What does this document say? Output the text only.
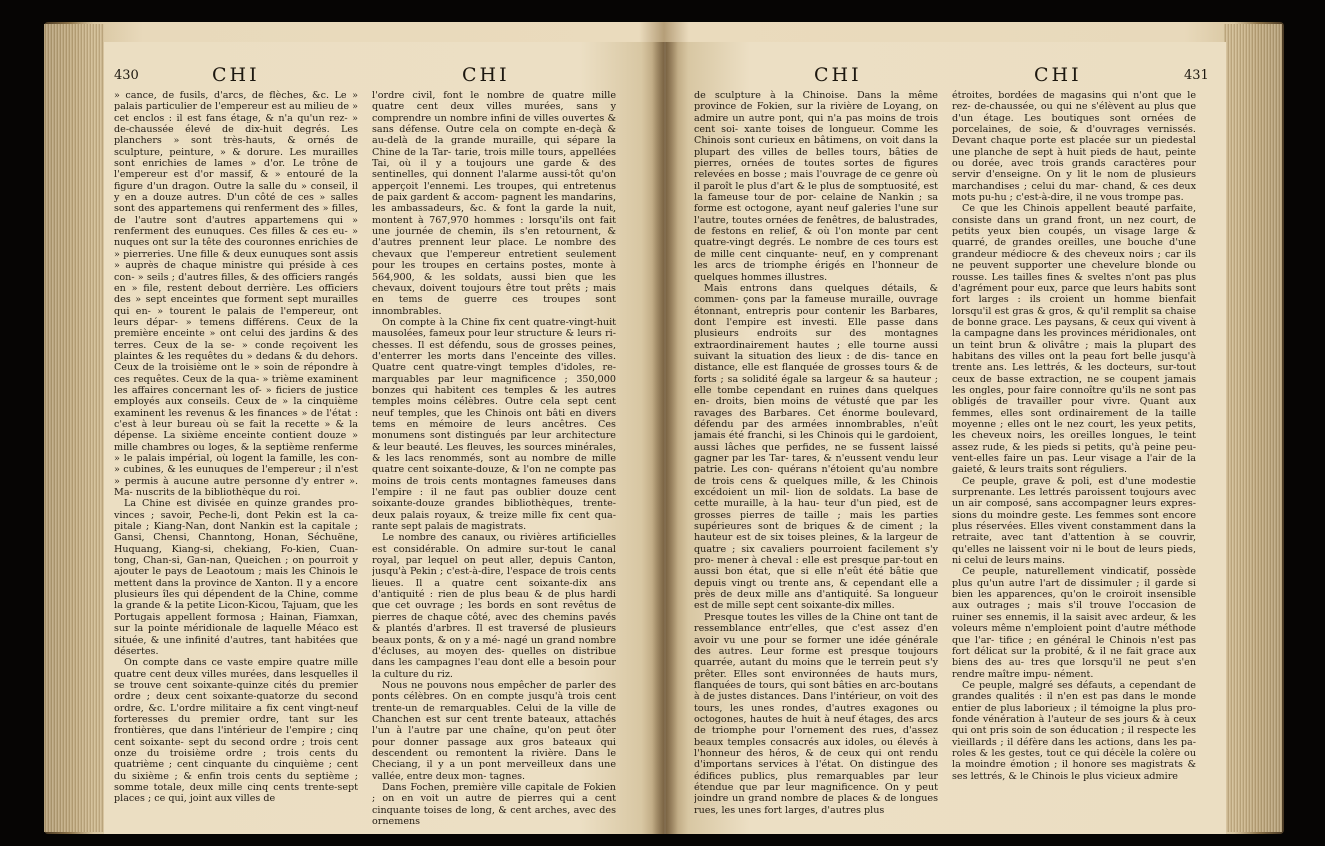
430	CHI	CHI

» cance, de fusils, d'arcs, de flèches, &c. Le » palais particulier de l'empereur est au milieu de » cet enclos : il est fans étage, & n'a qu'un rez- » de-chaussée élevé de dix-huit degrés. Les planchers » sont très-hauts, & ornés de sculpture, peinture, » & dorure. Les murailles sont enrichies de lames » d'or. Le trône de l'empereur est d'or massif, & » entouré de la figure d'un dragon. Outre la salle du » conseil, il y en a douze autres. D'un côté de ces » salles sont des appartemens qui renferment des » filles, de l'autre sont d'autres appartemens qui » renferment des eunuques. Ces filles & ces eu- » nuques ont sur la tête des couronnes enrichies de » pierreries. Une fille & deux eunuques sont assis » auprès de chaque ministre qui préside à ces con- » seils ; d'autres filles, & des officiers rangés en » file, restent debout derrière. Les officiers des » sept enceintes que forment sept murailles qui en- » tourent le palais de l'empereur, ont leurs dépar- » temens différens. Ceux de la première enceinte » ont celui des jardins & des terres. Ceux de la se- » conde reçoivent les plaintes & les requêtes du » dedans & du dehors. Ceux de la troisième ont le » soin de répondre à ces requêtes. Ceux de la qua- » trième examinent les affaires concernant les of- » ficiers de justice employés aux conseils. Ceux de » la cinquième examinent les revenus & les finances » de l'état : c'est à leur bureau où se fait la recette » & la dépense. La sixième enceinte contient douze » mille chambres ou loges, & la septième renferme » le palais impérial, où logent la famille, les con- » cubines, & les eunuques de l'empereur ; il n'est » permis à aucune autre personne d'y entrer ». Ma- nuscrits de la bibliothèque du roi.

La Chine est divisée en quinze grandes pro- vinces ; savoir, Peche-li, dont Pekin est la ca- pitale ; Kiang-Nan, dont Nankin est la capitale ; Gansi, Chensi, Channtong, Honan, Séchuëne, Huquang, Kiang-si, chekiang, Fo-kien, Cuan- tong, Chan-si, Gan-nan, Queichen ; on pourroit y ajouter le pays de Leaotoum ; mais les Chinois le mettent dans la province de Xanton. Il y a encore plusieurs îles qui dépendent de la Chine, comme la grande & la petite Licon-Kicou, Tajuam, que les Portugais appellent formosa ; Hainan, Fiamxan, sur la pointe méridionale de laquelle Méaco est située, & une infinité d'autres, tant habitées que désertes.

On compte dans ce vaste empire quatre mille quatre cent deux villes murées, dans lesquelles il se trouve cent soixante-quinze cités du premier ordre ; deux cent soixante-quatorze du second ordre, &c. L'ordre militaire a fix cent vingt-neuf forteresses du premier ordre, tant sur les frontières, que dans l'intérieur de l'empire ; cinq cent soixante- sept du second ordre ; trois cent onze du troisième ordre ; trois cents du quatrième ; cent cinquante du cinquième ; cent du sixième ; & enfin trois cents du septième ; somme totale, deux mille cinq cents trente-sept places ; ce qui, joint aux villes de

l'ordre civil, font le nombre de quatre mille quatre cent deux villes murées, sans y comprendre un nombre infini de villes ouvertes & sans défense. Outre cela on compte en-deçà & au-delà de la grande muraille, qui sépare la Chine de la Tar- tarie, trois mille tours, appellées Tai, où il y a toujours une garde & des sentinelles, qui donnent l'alarme aussi-tôt qu'on apperçoit l'ennemi. Les troupes, qui entretenus de paix gardent & accom- pagnent les mandarins, les ambassadeurs, &c. & font la garde la nuit, montent à 767,970 hommes : lorsqu'ils ont fait une journée de chemin, ils s'en retournent, & d'autres prennent leur place. Le nombre des chevaux que l'empereur entretient seulement pour les troupes en certains postes, monte à 564,900, & les soldats, aussi bien que les chevaux, doivent toujours être tout prêts ; mais en tems de guerre ces troupes sont innombrables.

On compte à la Chine fix cent quatre-vingt-huit mausolées, fameux pour leur structure & leurs ri- chesses. Il est défendu, sous de grosses peines, d'enterrer les morts dans l'enceinte des villes. Quatre cent quatre-vingt temples d'idoles, re- marquables par leur magnificence ; 350,000 bonzes qui habitent ces temples & les autres temples moins célèbres. Outre cela sept cent neuf temples, que les Chinois ont bâti en divers tems en mémoire de leurs ancêtres. Ces monumens sont distingués par leur architecture & leur beauté. Les fleuves, les sources minérales, & les lacs renommés, sont au nombre de mille quatre cent soixante-douze, & l'on ne compte pas moins de trois cents montagnes fameuses dans l'empire : il ne faut pas oublier douze cent soixante-douze grandes bibliothèques, trente- deux palais royaux, & treize mille fix cent qua- rante sept palais de magistrats.

Le nombre des canaux, ou rivières artificielles est considérable. On admire sur-tout le canal royal, par lequel on peut aller, depuis Canton, jusqu'à Pekin ; c'est-à-dire, l'espace de trois cents lieues. Il a quatre cent soixante-dix ans d'antiquité : rien de plus beau & de plus hardi que cet ouvrage ; les bords en sont revêtus de pierres de chaque côté, avec des chemins pavés & plantés d'arbres. Il est traversé de plusieurs beaux ponts, & on y a mé- nagé un grand nombre d'écluses, au moyen des- quelles on distribue dans les campagnes l'eau dont elle a besoin pour la culture du riz.

Nous ne pouvons nous empêcher de parler des ponts célèbres. On en compte jusqu'à trois cent trente-un de remarquables. Celui de la ville de Chanchen est sur cent trente bateaux, attachés l'un à l'autre par une chaîne, qu'on peut ôter pour donner passage aux gros bateaux qui descendent ou remontent la rivière. Dans le Checiang, il y a un pont merveilleux dans une vallée, entre deux mon- tagnes.

Dans Fochen, première ville capitale de Fokien ; on en voit un autre de pierres qui a cent cinquante toises de long, & cent arches, avec des ornemens

CHI	CHI	431

de sculpture à la Chinoise. Dans la même province de Fokien, sur la rivière de Loyang, on admire un autre pont, qui n'a pas moins de trois cent soi- xante toises de longueur. Comme les Chinois sont curieux en bâtimens, on voit dans la plupart des villes de belles tours, bâties de pierres, ornées de toutes sortes de figures relevées en bosse ; mais l'ouvrage de ce genre où il paroît le plus d'art & le plus de somptuosité, est la fameuse tour de por- celaine de Nankin ; sa forme est octogone, ayant neuf galeries l'une sur l'autre, toutes ornées de fenêtres, de balustrades, de festons en relief, & où l'on monte par cent quatre-vingt degrés. Le nombre de ces tours est de mille cent cinquante- neuf, en y comprenant les arcs de triomphe érigés en l'honneur de quelques hommes illustres.

Mais entrons dans quelques détails, & commen- çons par la fameuse muraille, ouvrage étonnant, entrepris pour contenir les Barbares, dont l'empire est investi. Elle passe dans plusieurs endroits sur des montagnes extraordinairement hautes ; elle tourne aussi suivant la situation des lieux : de dis- tance en distance, elle est flanquée de grosses tours & de forts ; sa solidité égale sa largeur & sa hauteur ; elle tombe cependant en ruines dans quelques en- droits, bien moins de vétusté que par les ravages des Barbares. Cet énorme boulevard, défendu par des armées innombrables, n'eût jamais été franchi, si les Chinois qui le gardoient, aussi lâches que perfides, ne se fussent laissé gagner par les Tar- tares, & n'eussent vendu leur patrie. Les con- quérans n'étoient qu'au nombre de trois cens & quelques mille, & les Chinois excédoient un mil- lion de soldats. La base de cette muraille, à la hau- teur d'un pied, est de grosses pierres de taille ; mais les parties supérieures sont de briques & de ciment ; la hauteur est de six toises pleines, & la largeur de quatre ; six cavaliers pourroient facilement s'y pro- mener à cheval : elle est presque par-tout en aussi bon état, que si elle n'eût été bâtie que depuis vingt ou trente ans, & cependant elle a près de deux mille ans d'antiquité. Sa longueur est de mille sept cent soixante-dix milles.

Presque toutes les villes de la Chine ont tant de ressemblance entr'elles, que c'est assez d'en avoir vu une pour se former une idée générale des autres. Leur forme est presque toujours quarrée, autant du moins que le terrein peut s'y prêter. Elles sont environnées de hauts murs, flanquées de tours, qui sont bâties en arc-boutans à de justes distances. Dans l'intérieur, on voit des tours, les unes rondes, d'autres exagones ou octogones, hautes de huit à neuf étages, des arcs de triomphe pour l'ornement des rues, d'assez beaux temples consacrés aux idoles, ou élevés à l'honneur des héros, & de ceux qui ont rendu d'importans services à l'état. On distingue des édifices publics, plus remarquables par leur étendue que par leur magnificence. On y peut joindre un grand nombre de places & de longues rues, les unes fort larges, d'autres plus

étroites, bordées de magasins qui n'ont que le rez- de-chaussée, ou qui ne s'élèvent au plus que d'un étage. Les boutiques sont ornées de porcelaines, de soie, & d'ouvrages vernissés. Devant chaque porte est placée sur un piedestal une planche de sept à huit pieds de haut, peinte ou dorée, avec trois grands caractères pour servir d'enseigne. On y lit le nom de plusieurs marchandises ; celui du mar- chand, & ces deux mots pu-hu ; c'est-à-dire, il ne vous trompe pas.

Ce que les Chinois appellent beauté parfaite, consiste dans un grand front, un nez court, de petits yeux bien coupés, un visage large & quarré, de grandes oreilles, une bouche d'une grandeur médiocre & des cheveux noirs ; car ils ne peuvent supporter une chevelure blonde ou rousse. Les tailles fines & sveltes n'ont pas plus d'agrément pour eux, parce que leurs habits sont fort larges : ils croient un homme bienfait lorsqu'il est gras & gros, & qu'il remplit sa chaise de bonne grace. Les paysans, & ceux qui vivent à la campagne dans les provinces méridionales, ont un teint brun & olivâtre ; mais la plupart des habitans des villes ont la peau fort belle jusqu'à trente ans. Les lettrés, & les docteurs, sur-tout ceux de basse extraction, ne se coupent jamais les ongles, pour faire connoître qu'ils ne sont pas obligés de travailler pour vivre. Quant aux femmes, elles sont ordinairement de la taille moyenne ; elles ont le nez court, les yeux petits, les cheveux noirs, les oreilles longues, le teint assez rude, & les pieds si petits, qu'à peine peu- vent-elles faire un pas. Leur visage a l'air de la gaieté, & leurs traits sont réguliers.

Ce peuple, grave & poli, est d'une modestie surprenante. Les lettrés paroissent toujours avec un air composé, sans accompagner leurs expres- sions du moindre geste. Les femmes sont encore plus réservées. Elles vivent constamment dans la retraite, avec tant d'attention à se couvrir, qu'elles ne laissent voir ni le bout de leurs pieds, ni celui de leurs mains.

Ce peuple, naturellement vindicatif, possède plus qu'un autre l'art de dissimuler ; il garde si bien les apparences, qu'on le croiroit insensible aux outrages ; mais s'il trouve l'occasion de ruiner ses ennemis, il la saisit avec ardeur, & les voleurs même n'emploient point d'autre méthode que l'ar- tifice ; en général le Chinois n'est pas fort délicat sur la probité, & il ne fait grace aux biens des au- tres que lorsqu'il ne peut s'en rendre maître impu- nément.

Ce peuple, malgré ses défauts, a cependant de grandes qualités : il n'en est pas dans le monde entier de plus laborieux ; il témoigne la plus pro- fonde vénération à l'auteur de ses jours & à ceux qui ont pris soin de son éducation ; il respecte les vieillards ; il défère dans les actions, dans les pa- roles & les gestes, tout ce qui décèle la colère ou la moindre émotion ; il honore ses magistrats & ses lettrés, & le Chinois le plus vicieux admire
